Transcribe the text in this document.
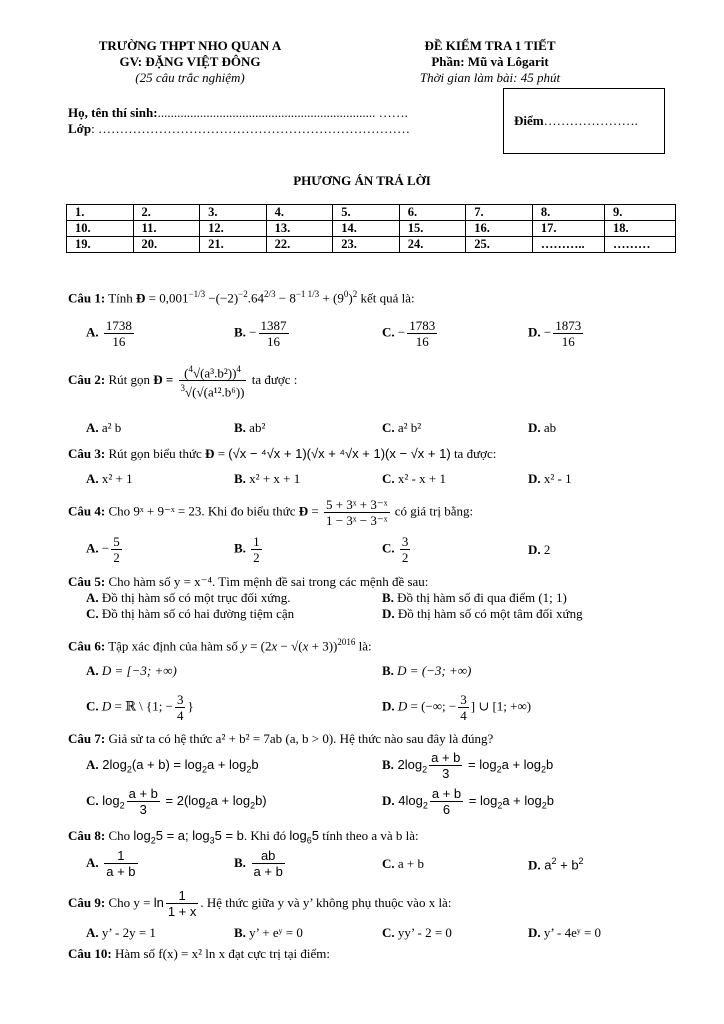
TRƯỜNG THPT NHO QUAN A
GV: ĐẶNG VIỆT ĐÔNG
(25 câu trắc nghiệm)
ĐỀ KIỂM TRA 1 TIẾT
Phần: Mũ và Lôgarit
Thời gian làm bài: 45 phút
Họ, tên thí sinh:................................................................... …….
Lớp: ………………………………………………………………
Điểm………………….
PHƯƠNG ÁN TRẢ LỜI
1.	2.	3.	4.	5.	6.	7.	8.	9.
10.	11.	12.	13.	14.	15.	16.	17.	18.
19.	20.	21.	22.	23.	24.	25.	………..	………
Câu 1: Tính Đ = $0,001^{-1/3} -(-2)^{-2}.64^{2/3} - 8^{-1 1/3} + (9^0)^2$ kết quả là:
A. $\frac{1738}{16}$	B. − $\frac{1387}{16}$	C. − $\frac{1783}{16}$	D. − $\frac{1873}{16}$
Câu 2: Rút gọn Đ = $\frac{(^4√(a^3.b^2))^4}{^3√(√(a^{12}.b^6))}$ ta được :
A. a² b	B. ab²	C. a² b²	D. ab
Câu 3: Rút gọn biểu thức Đ = (√x − ⁴√x + 1)(√x + ⁴√x + 1)(x − √x + 1) ta được:
A. x² + 1	B. x² + x + 1	C. x² - x + 1	D. x² - 1
Câu 4: Cho 9ˣ + 9⁻ˣ = 23. Khi đo biểu thức Đ = $\frac{\text{5 + 3ˣ + 3⁻ˣ}}{\text{1 − 3ˣ − 3⁻ˣ}}$ có giá trị bằng:
A. − $\frac{5}{2}$	B. $\frac{1}{2}$	C. $\frac{3}{2}$	D. 2
Câu 5: Cho hàm số y = x⁻⁴. Tìm mệnh đề sai trong các mệnh đề sau:
A. Đồ thị hàm số có một trục đối xứng.	B. Đồ thị hàm số đi qua điểm (1; 1)
C. Đồ thị hàm số có hai đường tiệm cận	D. Đồ thị hàm số có một tâm đối xứng
Câu 6: Tập xác định của hàm số $y = (2x - √(x + 3))^{2016}$ là:
A. D = [−3; +∞)	B. D = (−3; +∞)
C. D = ℝ \ {1; − $\frac{3}{4}$ }	D. D = (−∞; − $\frac{3}{4}$ ] ∪ [1; +∞)
Câu 7: Giả sử ta có hệ thức a² + b² = 7ab (a, b > 0). Hệ thức nào sau đây là đúng?
A. $2\log_2(a + b) = \log_2a + \log_2b$	B. $2\log_2 \frac{a + b}{3} = \log_2a + \log_2b$
C. $\log_2 \frac{a + b}{3} = 2(\log_2a + \log_2b)$	D. $4\log_2 \frac{a + b}{6} = \log_2a + \log_2b$
Câu 8: Cho $\log_25 = a$; $\log_35 = b$. Khi đó $\log_65$ tính theo a và b là:
A. $\frac{1}{a + b}$	B. $\frac{ab}{a + b}$	C. a + b	D. $a^2 + b^2$
Câu 9: Cho $y = \ln \frac{1}{1 + x}$ . Hệ thức giữa y và y’ không phụ thuộc vào x là:
A. y’ - 2y = 1	B. y’ + eʸ = 0	C. yy’ - 2 = 0	D. y’ - 4eʸ = 0
Câu 10: Hàm số f(x) = x² ln x đạt cực trị tại điểm:
